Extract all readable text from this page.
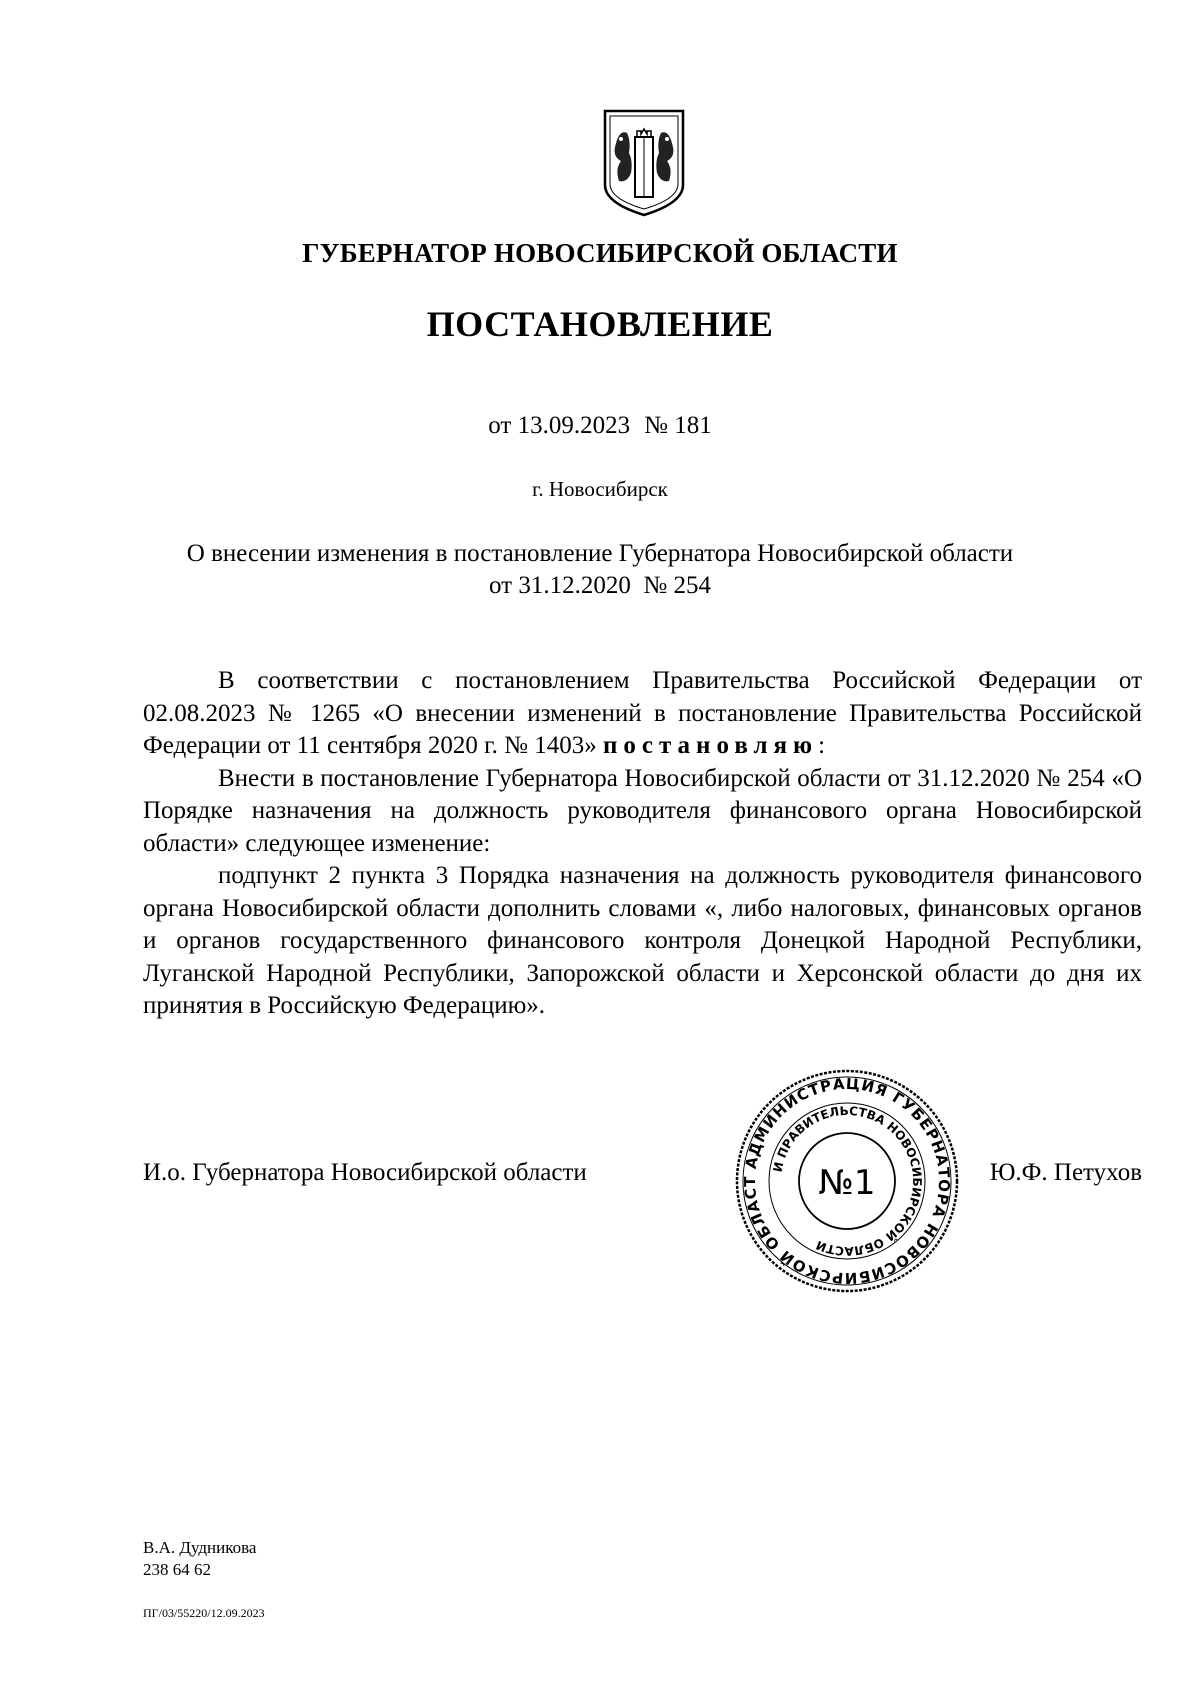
ГУБЕРНАТОР НОВОСИБИРСКОЙ ОБЛАСТИ
ПОСТАНОВЛЕНИЕ
от 13.09.2023 № 181
г. Новосибирск
О внесении изменения в постановление Губернатора Новосибирской области
от 31.12.2020  № 254

В соответствии с постановлением Правительства Российской Федерации от 02.08.2023 № 1265 «О внесении изменений в постановление Правительства Российской Федерации от 11 сентября 2020 г. № 1403» постановляю:

Внести в постановление Губернатора Новосибирской области от 31.12.2020 № 254 «О Порядке назначения на должность руководителя финансового органа Новосибирской области» следующее изменение:

подпункт 2 пункта 3 Порядка назначения на должность руководителя финансового органа Новосибирской области дополнить словами «, либо налоговых, финансовых органов и органов государственного финансового контроля Донецкой Народной Республики, Луганской Народной Республики, Запорожской области и Херсонской области до дня их принятия в Российскую Федерацию».

И.о. Губернатора Новосибирской области	АДМИНИСТРАЦИЯ ГУБЕРНАТОРА НОВОСИБИРСКОЙ ОБЛАСТ
И ПРАВИТЕЛЬСТВА НОВОСИБИРСКОЙ ОБЛАСТИ
№1	Ю.Ф. Петухов
В.А. Дудникова
238 64 62
ПГ/03/55220/12.09.2023
